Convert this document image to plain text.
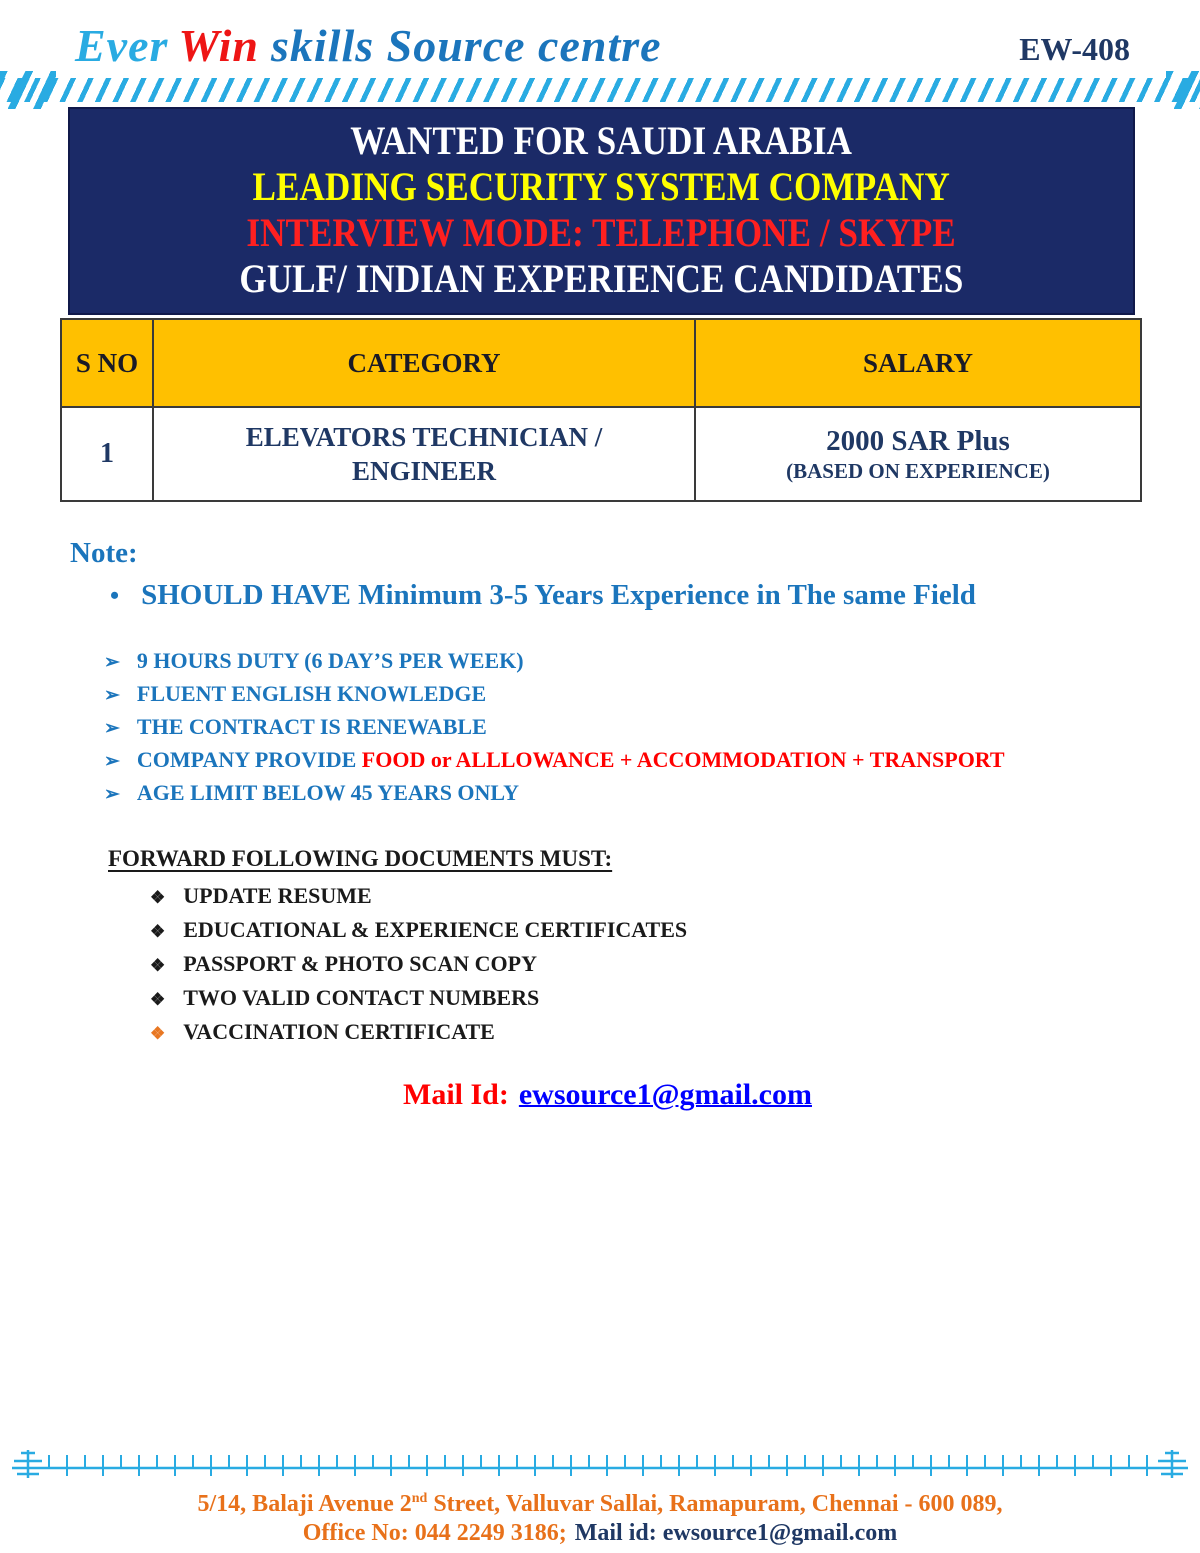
Ever Win skills Source centre	EW-408
WANTED FOR SAUDI ARABIA
LEADING SECURITY SYSTEM COMPANY
INTERVIEW MODE: TELEPHONE / SKYPE
GULF/ INDIAN EXPERIENCE CANDIDATES
S NO	CATEGORY	SALARY
1	ELEVATORS TECHNICIAN / ENGINEER	2000 SAR Plus
(BASED ON EXPERIENCE)
Note:
• SHOULD HAVE Minimum 3-5 Years Experience in The same Field
➢ 9 HOURS DUTY (6 DAY’S PER WEEK)
➢ FLUENT ENGLISH KNOWLEDGE
➢ THE CONTRACT IS RENEWABLE
➢ COMPANY PROVIDE FOOD or ALLLOWANCE + ACCOMMODATION + TRANSPORT
➢ AGE LIMIT BELOW 45 YEARS ONLY
FORWARD FOLLOWING DOCUMENTS MUST:
❖ UPDATE RESUME
❖ EDUCATIONAL & EXPERIENCE CERTIFICATES
❖ PASSPORT & PHOTO SCAN COPY
❖ TWO VALID CONTACT NUMBERS
❖ VACCINATION CERTIFICATE
Mail Id: ewsource1@gmail.com
5/14, Balaji Avenue 2nd Street, Valluvar Sallai, Ramapuram, Chennai - 600 089,
Office No: 044 2249 3186; Mail id: ewsource1@gmail.com
